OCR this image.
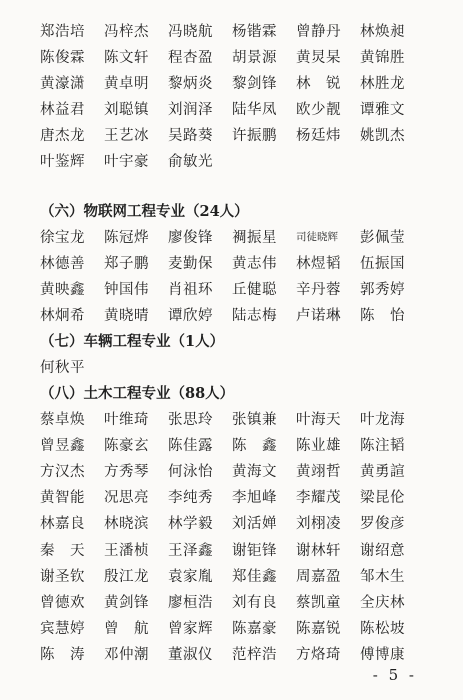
郑浩培	冯梓杰	冯晓航	杨锴霖	曾静丹	林焕昶
陈俊霖	陈文轩	程杏盈	胡景源	黄炅杲	黄锦胜
黄濠潇	黄卓明	黎炳炎	黎剑锋	林　锐	林胜龙
林益君	刘聪镇	刘润泽	陆华凤	欧少靓	谭雅文
唐杰龙	王艺冰	吴路葵	许振鹏	杨廷炜	姚凯杰
叶鉴辉	叶宇豪	俞敏光
（六）物联网工程专业（24人）
徐宝龙	陈冠烨	廖俊锋	裯振星	司徒晓辉	彭佩莹
林德善	郑子鹏	麦勤保	黄志伟	林煜韬	伍振国
黄映鑫	钟国伟	肖祖环	丘健聪	辛丹蓉	郭秀婷
林炯希	黄晓晴	谭欣婷	陆志梅	卢诺琳	陈　怡
（七）车辆工程专业（1人）
何秋平
（八）土木工程专业（88人）
蔡卓焕	叶维琦	张思玲	张镇兼	叶海天	叶龙海
曾昱鑫	陈豪玄	陈佳露	陈　鑫	陈业雄	陈注韬
方汉杰	方秀琴	何泳怡	黄海文	黄翊哲	黄勇諠
黄智能	况思亮	李纯秀	李旭峰	李耀茂	梁昆伦
林嘉良	林晓滨	林学毅	刘活婵	刘栩凌	罗俊彦
秦　天	王潘桢	王泽鑫	谢钜锋	谢林轩	谢绍意
谢圣钦	殷江龙	袁家胤	郑佳鑫	周嘉盈	邹木生
曾德欢	黄剑锋	廖桓浩	刘有良	蔡凯童	全庆林
宾慧婷	曾　航	曾家辉	陈嘉豪	陈嘉锐	陈松坡
陈　涛	邓仲潮	董淑仪	范梓浩	方烙琦	傅博康
- 5 -
